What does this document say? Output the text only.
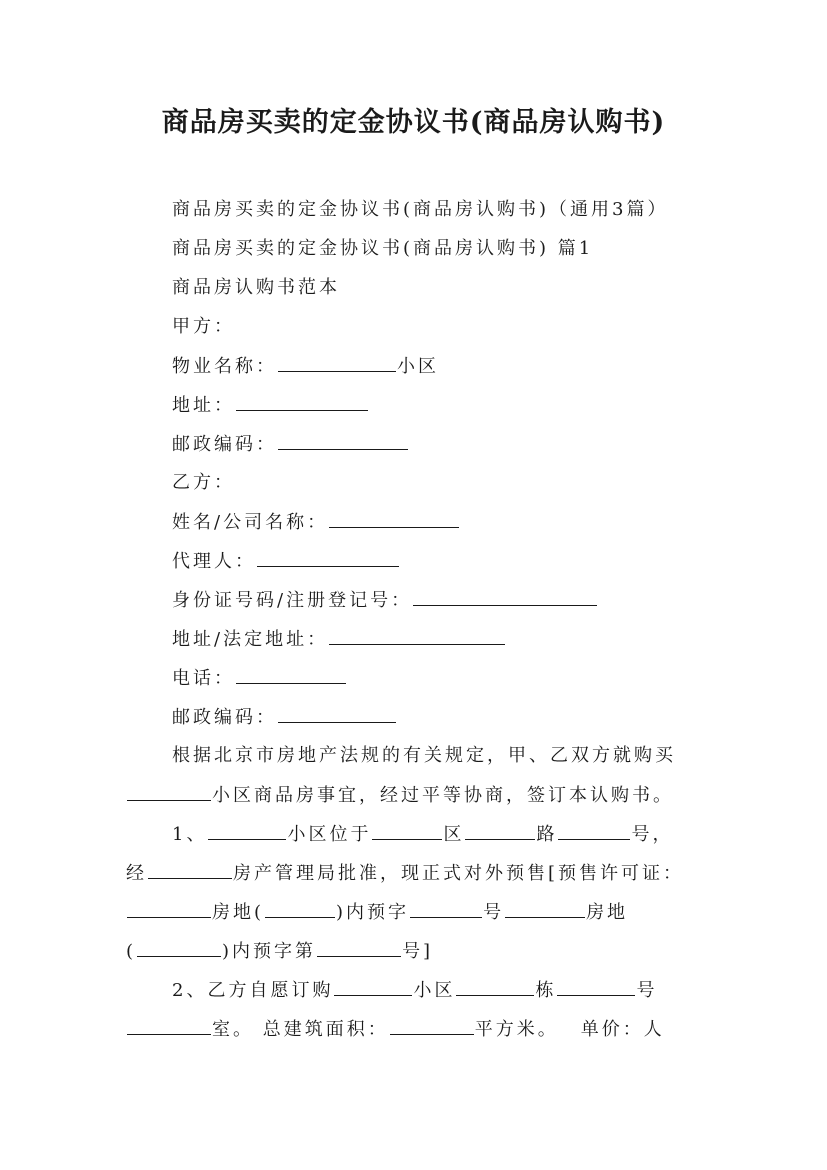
商品房买卖的定金协议书(商品房认购书)
商品房买卖的定金协议书(商品房认购书)（通用3篇）
商品房买卖的定金协议书(商品房认购书) 篇1
商品房认购书范本
甲方：
物业名称：	小区
地址：
邮政编码：
乙方：
姓名/公司名称：
代理人：
身份证号码/注册登记号：
地址/法定地址：
电话：
邮政编码：
根据北京市房地产法规的有关规定，甲、乙双方就购买
小区商品房事宜，经过平等协商，签订本认购书。
1、	小区位于	区	路	号，
经	房产管理局批准，现正式对外预售[预售许可证：
房地(	)内预字	号	房地
(	)内预字第	号]
2、乙方自愿订购	小区	栋	号
室。 总建筑面积：	平方米。 单价：人
